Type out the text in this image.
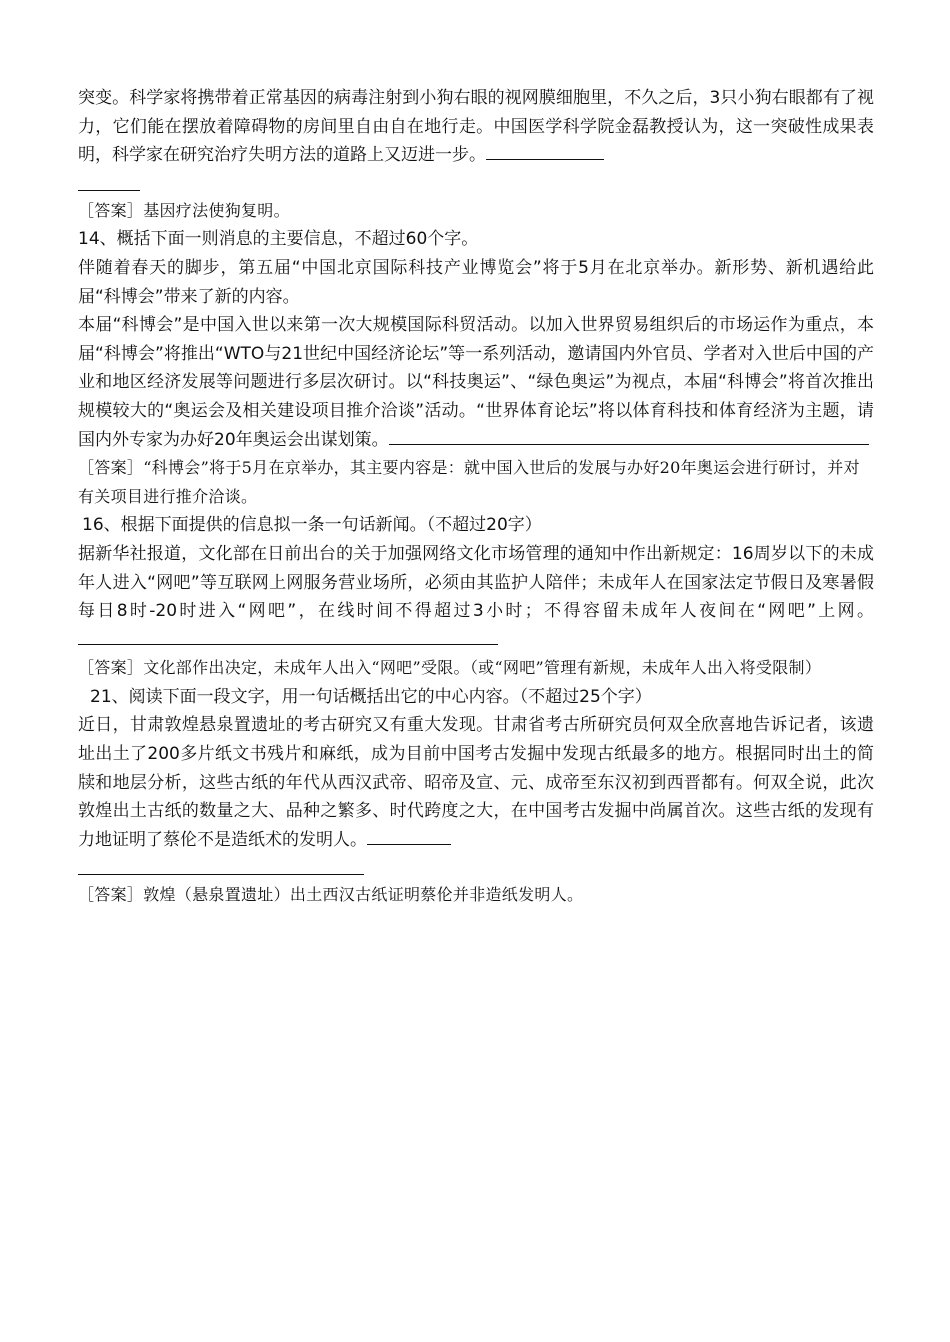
突变。科学家将携带着正常基因的病毒注射到小狗右眼的视网膜细胞里，不久之后，3只小狗右眼都有了视力，它们能在摆放着障碍物的房间里自由自在地行走。中国医学科学院金磊教授认为，这一突破性成果表明，科学家在研究治疗失明方法的道路上又迈进一步。

［答案］基因疗法使狗复明。

14、概括下面一则消息的主要信息，不超过60个字。

伴随着春天的脚步，第五届“中国北京国际科技产业博览会”将于5月在北京举办。新形势、新机遇给此届“科博会”带来了新的内容。

本届“科博会”是中国入世以来第一次大规模国际科贸活动。以加入世界贸易组织后的市场运作为重点，本届“科博会”将推出“WTO与21世纪中国经济论坛”等一系列活动，邀请国内外官员、学者对入世后中国的产业和地区经济发展等问题进行多层次研讨。以“科技奥运”、“绿色奥运”为视点，本届“科博会”将首次推出规模较大的“奥运会及相关建设项目推介洽谈”活动。“世界体育论坛”将以体育科技和体育经济为主题，请国内外专家为办好20年奥运会出谋划策。

［答案］“科博会”将于5月在京举办，其主要内容是：就中国入世后的发展与办好20年奥运会进行研讨，并对有关项目进行推介洽谈。

16、根据下面提供的信息拟一条一句话新闻。（不超过20字）

据新华社报道，文化部在日前出台的关于加强网络文化市场管理的通知中作出新规定：16周岁以下的未成年人进入“网吧”等互联网上网服务营业场所，必须由其监护人陪伴；未成年人在国家法定节假日及寒暑假每日8时-20时进入“网吧”，在线时间不得超过3小时；不得容留未成年人夜间在“网吧”上网。

［答案］文化部作出决定，未成年人出入“网吧”受限。（或“网吧”管理有新规，未成年人出入将受限制）

21、阅读下面一段文字，用一句话概括出它的中心内容。（不超过25个字）

近日，甘肃敦煌悬泉置遗址的考古研究又有重大发现。甘肃省考古所研究员何双全欣喜地告诉记者，该遗址出土了200多片纸文书残片和麻纸，成为目前中国考古发掘中发现古纸最多的地方。根据同时出土的简牍和地层分析，这些古纸的年代从西汉武帝、昭帝及宣、元、成帝至东汉初到西晋都有。何双全说，此次敦煌出土古纸的数量之大、品种之繁多、时代跨度之大，在中国考古发掘中尚属首次。这些古纸的发现有力地证明了蔡伦不是造纸术的发明人。

［答案］敦煌（悬泉置遗址）出土西汉古纸证明蔡伦并非造纸发明人。
